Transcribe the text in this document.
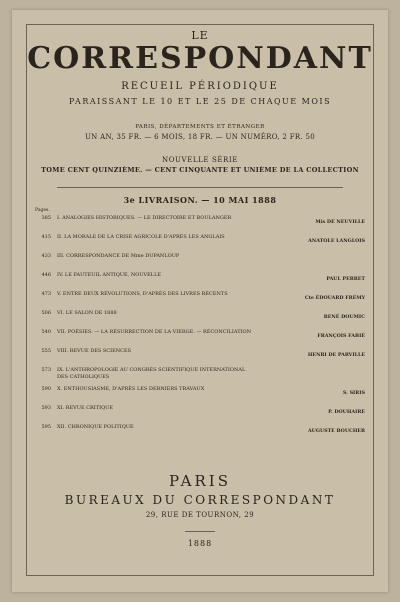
LE
CORRESPONDANT
RECUEIL PÉRIODIQUE
PARAISSANT LE 10 ET LE 25 DE CHAQUE MOIS
PARIS, DÉPARTEMENTS ET ÉTRANGER
UN AN, 35 FR. — 6 MOIS, 18 FR. — UN NUMÉRO, 2 FR. 50
NOUVELLE SÉRIE
TOME CENT QUINZIÈME. — CENT CINQUANTE ET UNIÈME DE LA COLLECTION
3e LIVRAISON. — 10 MAI 1888
Pages.
385 I. ANALOGIES HISTORIQUES. — LE DIRECTOIRE ET BOULANGER
Mis DE NEUVILLE
415 II. LA MORALE DE LA CRISE AGRICOLE D'APRÈS LES ANGLAIS
ANATOLE LANGLOIS
433 III. CORRESPONDANCE DE Mme DUPANLOUP
446 IV. LE FAUTEUIL ANTIQUE, NOUVELLE
PAUL PERRET
473 V. ENTRE DEUX RÉVOLUTIONS, D'APRÈS DES LIVRES RÉCENTS
Cte ÉDOUARD FRÉMY
506 VI. LE SALON DE 1888
RENÉ DOUMIC
540 VII. POÉSIES. — LA RÉSURRECTION DE LA VIERGE. — RÉCONCILIATION
FRANÇOIS FABIÉ
555 VIII. REVUE DES SCIENCES
HENRI DE PARVILLE
573 IX. L'ANTHROPOLOGIE AU CONGRÈS SCIENTIFIQUE INTERNATIONAL DES CATHOLIQUES
590 X. ENTHOUSIASME, D'APRÈS LES DERNIERS TRAVAUX
S. SIRIS
593 XI. REVUE CRITIQUE
P. DOUHAIRE
595 XII. CHRONIQUE POLITIQUE
AUGUSTE BOUCHER
PARIS
BUREAUX DU CORRESPONDANT
29, RUE DE TOURNON, 29
1888
